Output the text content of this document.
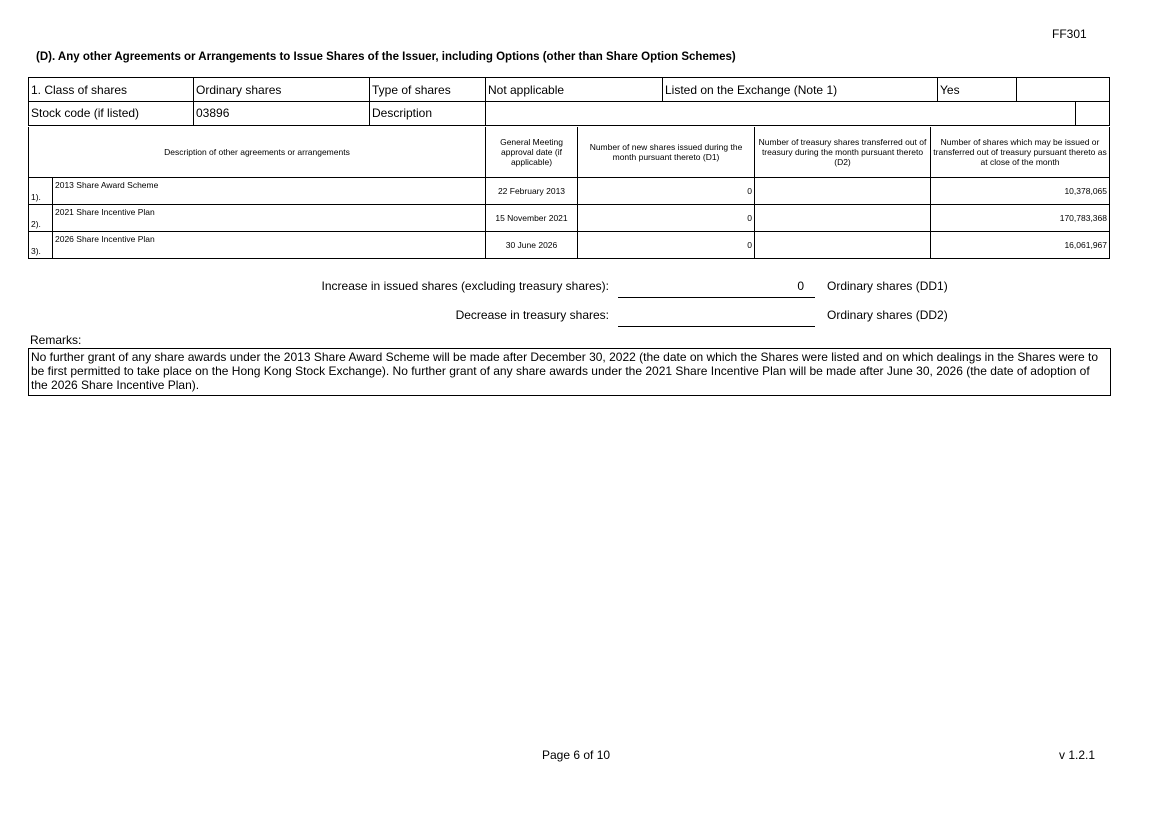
FF301
(D). Any other Agreements or Arrangements to Issue Shares of the Issuer, including Options (other than Share Option Schemes)
1. Class of shares	Ordinary shares	Type of shares	Not applicable	Listed on the Exchange (Note 1)	Yes	
Stock code (if listed)	03896	Description		
Description of other agreements or arrangements		General Meeting approval date (if applicable)	Number of new shares issued during the month pursuant thereto (D1)	Number of treasury shares transferred out of treasury during the month pursuant thereto (D2)	Number of shares which may be issued or transferred out of treasury pursuant thereto as at close of the month
1).	2013 Share Award Scheme	22 February 2013	0		10,378,065
2).	2021 Share Incentive Plan	15 November 2021	0		170,783,368
3).	2026 Share Incentive Plan	30 June 2026	0		16,061,967
Increase in issued shares (excluding treasury shares):	0 Ordinary shares (DD1)
Decrease in treasury shares:	Ordinary shares (DD2)
Remarks:
No further grant of any share awards under the 2013 Share Award Scheme will be made after December 30, 2022 (the date on which the Shares were listed and on which dealings in the Shares were to be first permitted to take place on the Hong Kong Stock Exchange). No further grant of any share awards under the 2021 Share Incentive Plan will be made after June 30, 2026 (the date of adoption of the 2026 Share Incentive Plan).
Page 6 of 10	v 1.2.1
